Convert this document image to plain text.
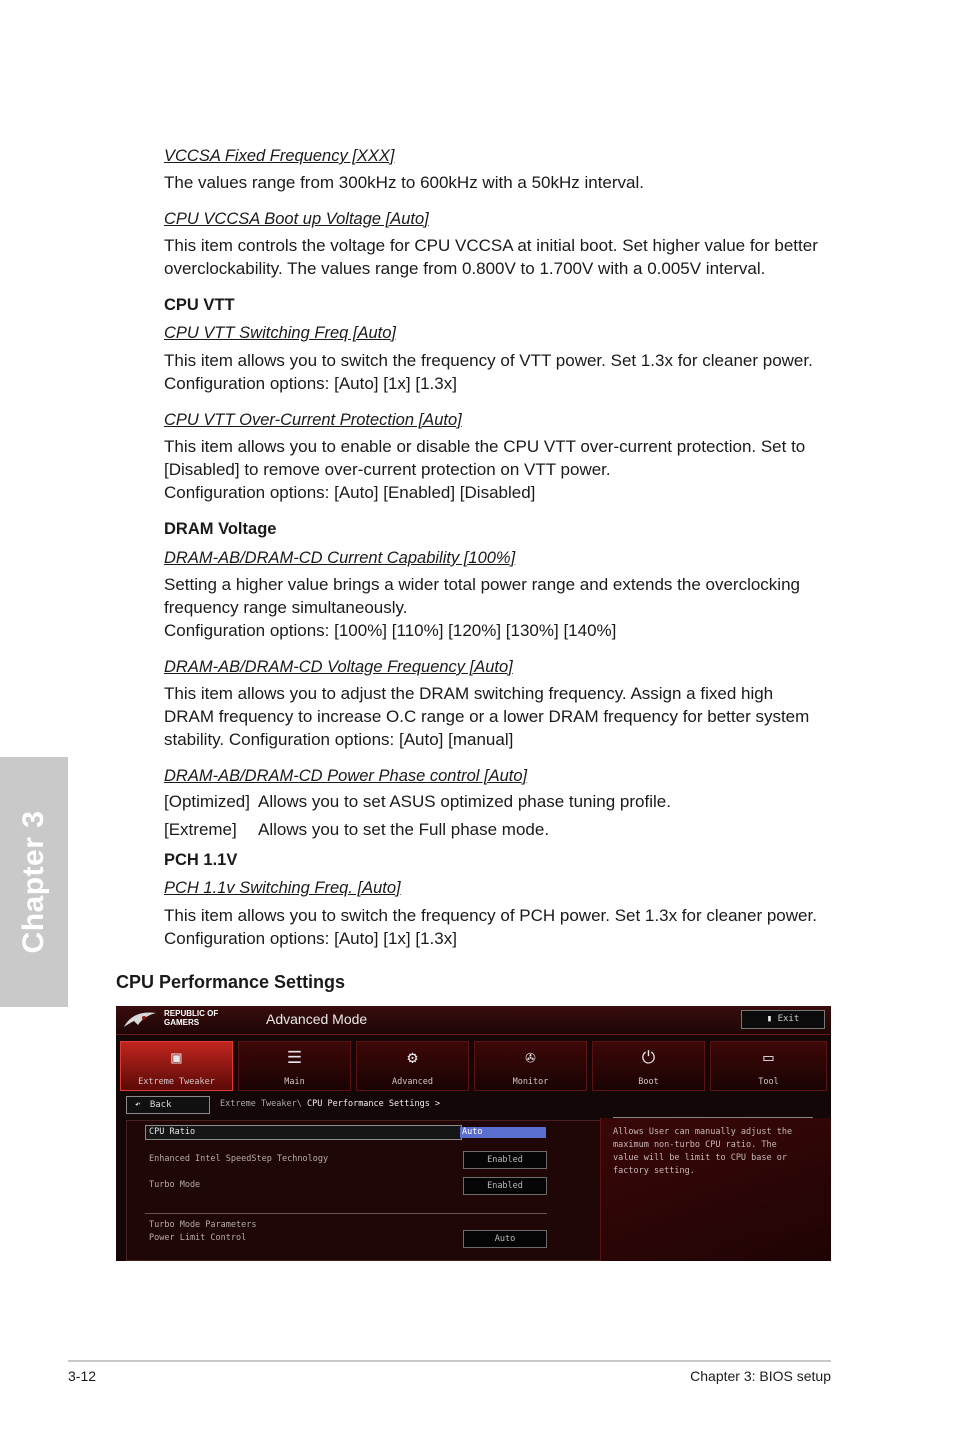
Chapter 3
VCCSA Fixed Frequency [XXX]
The values range from 300kHz to 600kHz with a 50kHz interval.
CPU VCCSA Boot up Voltage [Auto]
This item controls the voltage for CPU VCCSA at initial boot. Set higher value for better
overclockability. The values range from 0.800V to 1.700V with a 0.005V interval.
CPU VTT
CPU VTT Switching Freq [Auto]
This item allows you to switch the frequency of VTT power. Set 1.3x for cleaner power.
Configuration options: [Auto] [1x] [1.3x]
CPU VTT Over-Current Protection [Auto]
This item allows you to enable or disable the CPU VTT over-current protection. Set to
[Disabled] to remove over-current protection on VTT power.
Configuration options: [Auto] [Enabled] [Disabled]
DRAM Voltage
DRAM-AB/DRAM-CD Current Capability [100%]
Setting a higher value brings a wider total power range and extends the overclocking
frequency range simultaneously.
Configuration options: [100%] [110%] [120%] [130%] [140%]
DRAM-AB/DRAM-CD Voltage Frequency [Auto]
This item allows you to adjust the DRAM switching frequency. Assign a fixed high
DRAM frequency to increase O.C range or a lower DRAM frequency for better system
stability. Configuration options: [Auto] [manual]
DRAM-AB/DRAM-CD Power Phase control [Auto]
[Optimized] Allows you to set ASUS optimized phase tuning profile.
[Extreme] Allows you to set the Full phase mode.
PCH 1.1V
PCH 1.1v Switching Freq. [Auto]
This item allows you to switch the frequency of PCH power. Set 1.3x for cleaner power.
Configuration options: [Auto] [1x] [1.3x]
CPU Performance Settings
REPUBLIC OF
GAMERS	Advanced Mode	▮ Exit
▣
Extreme Tweaker
☰
Main
⚙
Advanced
✇
Monitor
⏻
Boot
▭
Tool
↶ Back	Extreme Tweaker\ CPU Performance Settings >
CPU Ratio	Auto
Enhanced Intel SpeedStep Technology	Enabled
Turbo Mode	Enabled
Turbo Mode Parameters
Power Limit Control	Auto
Allows User can manually adjust the
maximum non-turbo CPU ratio. The
value will be limit to CPU base or
factory setting.
3-12	Chapter 3: BIOS setup
